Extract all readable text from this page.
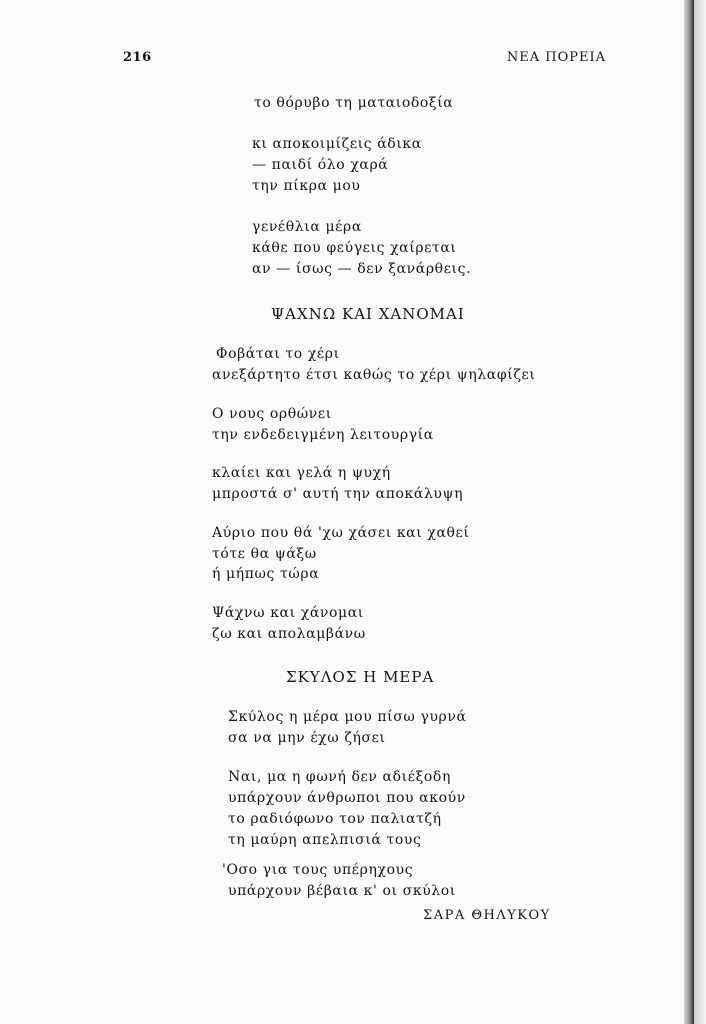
216	ΝΕΑ ΠΟΡΕΙΑ
το θόρυβο τη ματαιοδοξία
κι αποκοιμίζεις άδικα
— παιδί όλο χαρά
την πίκρα μου
γενέθλια μέρα
κάθε που φεύγεις χαίρεται
αν — ίσως — δεν ξανάρθεις.
ΨΑΧΝΩ ΚΑΙ ΧΑΝΟΜΑΙ
Φοβάται το χέρι
ανεξάρτητο έτσι καθώς το χέρι ψηλαφίζει
Ο νους ορθώνει
την ενδεδειγμένη λειτουργία
κλαίει και γελά η ψυχή
μπροστά σ' αυτή την αποκάλυψη
Αύριο που θά 'χω χάσει και χαθεί
τότε θα ψάξω
ή μήπως τώρα
Ψάχνω και χάνομαι
ζω και απολαμβάνω
ΣΚΥΛΟΣ Η ΜΕΡΑ
Σκύλος η μέρα μου πίσω γυρνά
σα να μην έχω ζήσει
Ναι, μα η φωνή δεν αδιέξοδη
υπάρχουν άνθρωποι που ακούν
το ραδιόφωνο τον παλιατζή
τη μαύρη απελπισιά τους
'Οσο για τους υπέρηχους
υπάρχουν βέβαια κ' οι σκύλοι
ΣΑΡΑ ΘΗΛΥΚΟΥ
